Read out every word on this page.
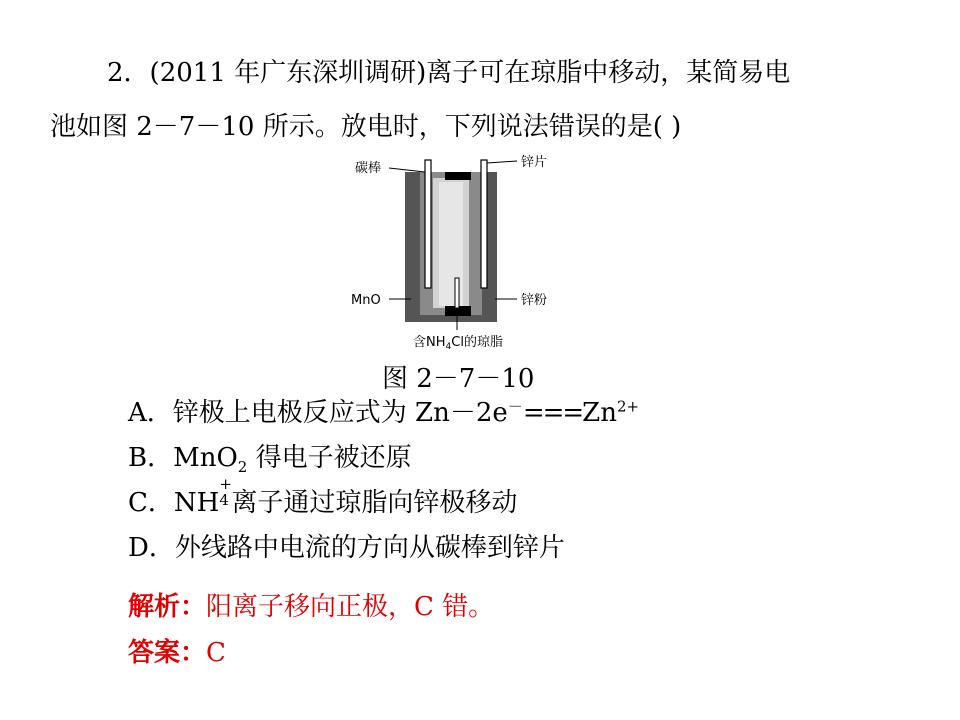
2．(2011 年广东深圳调研)离子可在琼脂中移动，某简易电
池如图 2－7－10 所示。放电时，下列说法错误的是( )
碳棒	锌片
MnO	锌粉
含$NH_4Cl$的琼脂
图 2－7－10
A．锌极上电极反应式为 $Zn-2e^-===Zn^{2+}$
B．MnO$_2$ 得电子被还原
C．NH
+
4 离子通过琼脂向锌极移动
D．外线路中电流的方向从碳棒到锌片
解析：阳离子移向正极，C 错。
答案：C
